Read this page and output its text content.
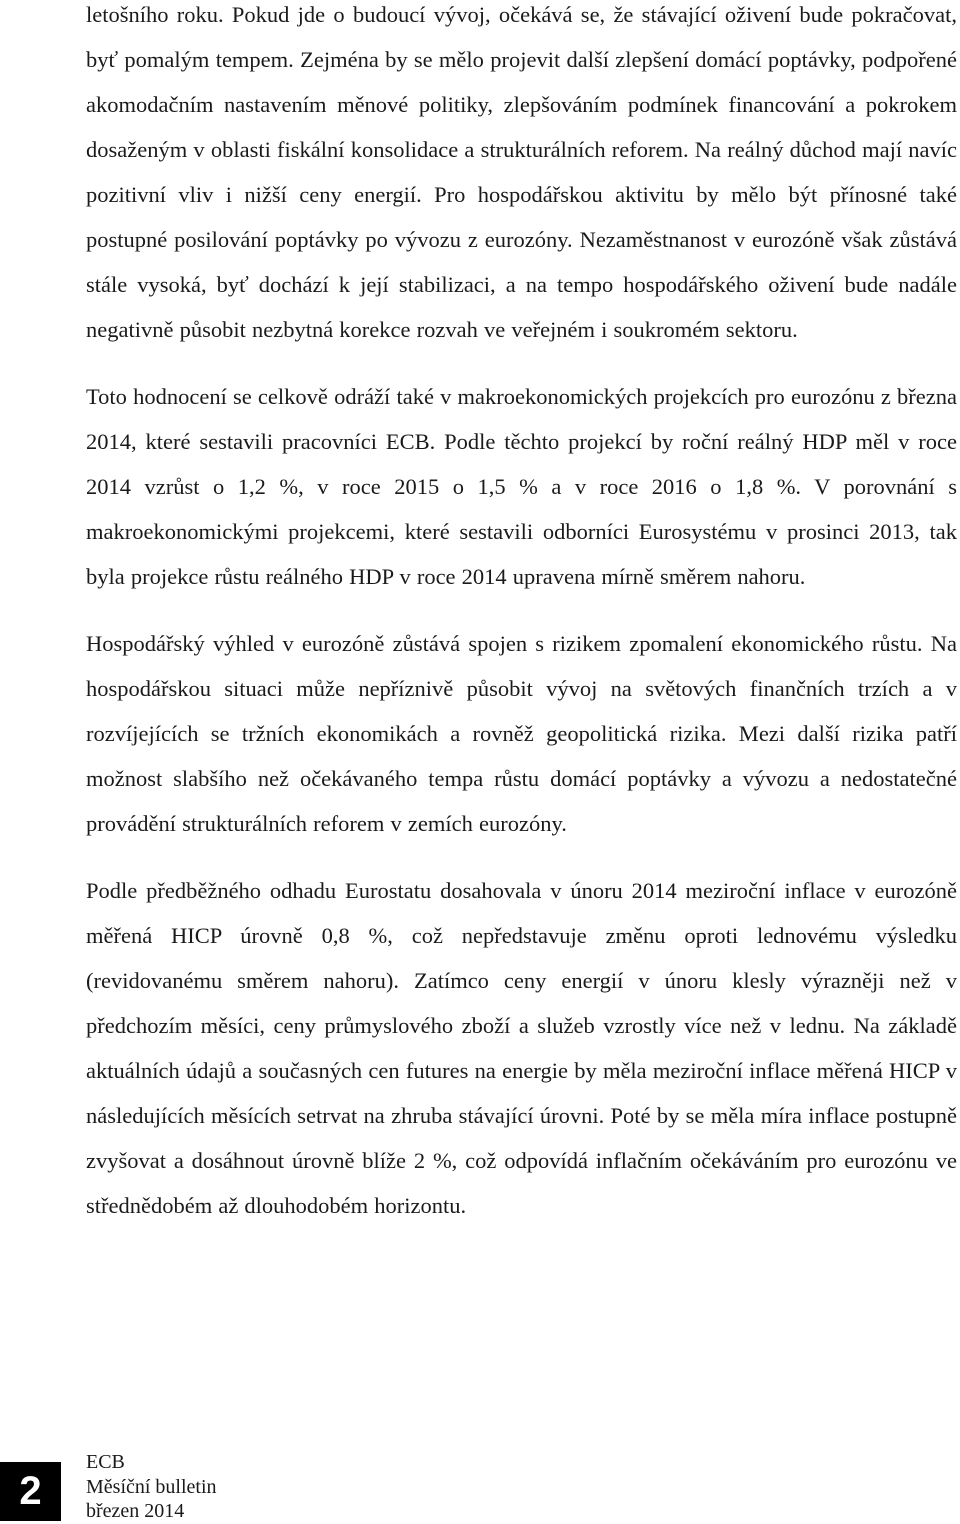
letošního roku. Pokud jde o budoucí vývoj, očekává se, že stávající oživení bude pokračovat, byť pomalým tempem. Zejména by se mělo projevit další zlepšení domácí poptávky, podpořené akomodačním nastavením měnové politiky, zlepšováním podmínek financování a pokrokem dosaženým v oblasti fiskální konsolidace a strukturálních reforem. Na reálný důchod mají navíc pozitivní vliv i nižší ceny energií. Pro hospodářskou aktivitu by mělo být přínosné také postupné posilování poptávky po vývozu z eurozóny. Nezaměstnanost v eurozóně však zůstává stále vysoká, byť dochází k její stabilizaci, a na tempo hospodářského oživení bude nadále negativně působit nezbytná korekce rozvah ve veřejném i soukromém sektoru.

Toto hodnocení se celkově odráží také v makroekonomických projekcích pro eurozónu z března 2014, které sestavili pracovníci ECB. Podle těchto projekcí by roční reálný HDP měl v roce 2014 vzrůst o 1,2 %, v roce 2015 o 1,5 % a v roce 2016 o 1,8 %. V porovnání s makroekonomickými projekcemi, které sestavili odborníci Eurosystému v prosinci 2013, tak byla projekce růstu reálného HDP v roce 2014 upravena mírně směrem nahoru.

Hospodářský výhled v eurozóně zůstává spojen s rizikem zpomalení ekonomického růstu. Na hospodářskou situaci může nepříznivě působit vývoj na světových finančních trzích a v rozvíjejících se tržních ekonomikách a rovněž geopolitická rizika. Mezi další rizika patří možnost slabšího než očekávaného tempa růstu domácí poptávky a vývozu a nedostatečné provádění strukturálních reforem v zemích eurozóny.

Podle předběžného odhadu Eurostatu dosahovala v únoru 2014 meziroční inflace v eurozóně měřená HICP úrovně 0,8 %, což nepředstavuje změnu oproti lednovému výsledku (revidovanému směrem nahoru). Zatímco ceny energií v únoru klesly výrazněji než v předchozím měsíci, ceny průmyslového zboží a služeb vzrostly více než v lednu. Na základě aktuálních údajů a současných cen futures na energie by měla meziroční inflace měřená HICP v následujících měsících setrvat na zhruba stávající úrovni. Poté by se měla míra inflace postupně zvyšovat a dosáhnout úrovně blíže 2 %, což odpovídá inflačním očekáváním pro eurozónu ve střednědobém až dlouhodobém horizontu.

2
ECB
Měsíční bulletin
březen 2014
